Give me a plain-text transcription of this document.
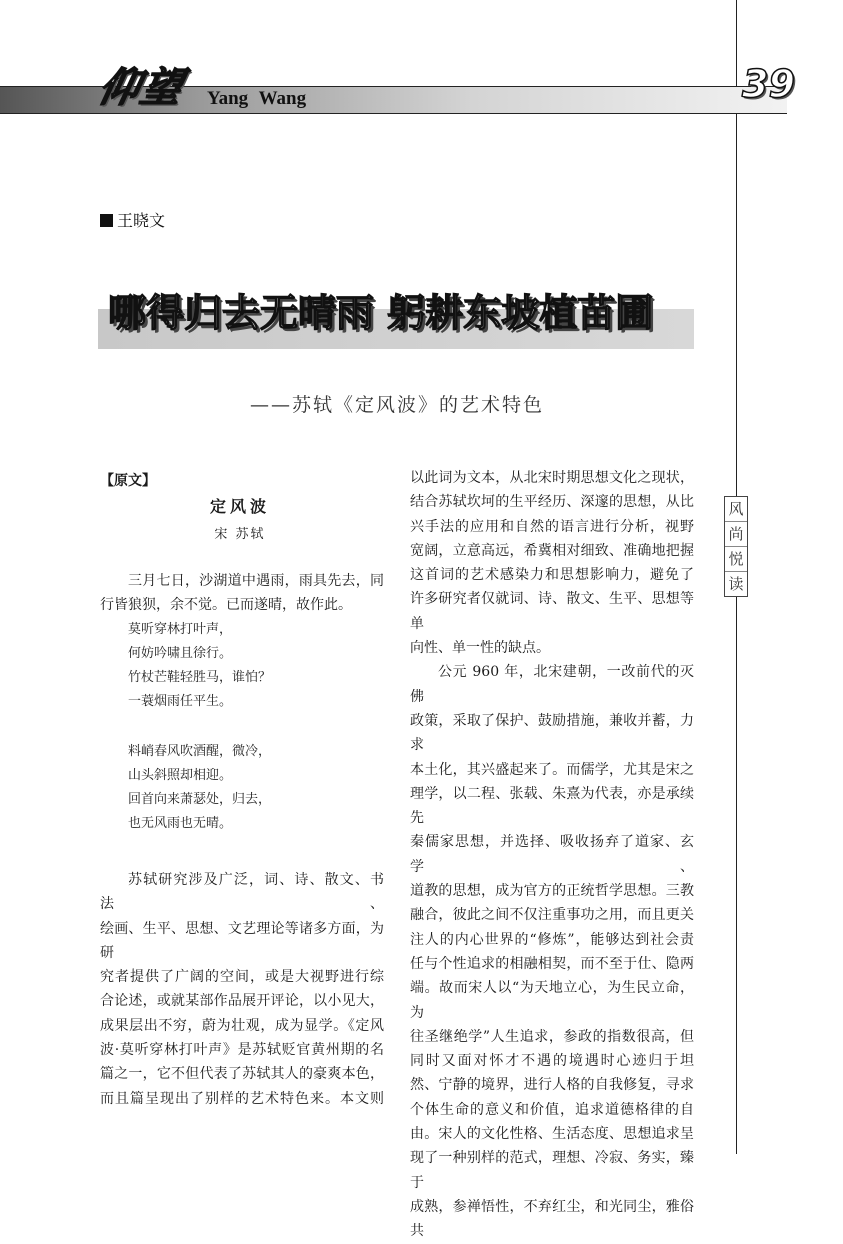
仰望 Yang Wang	39
王晓文
哪得归去无晴雨 躬耕东坡植苗圃
——苏轼《定风波》的艺术特色
风
尚
悦
读
【原文】
定风波
宋 苏轼

三月七日，沙湖道中遇雨，雨具先去，同行皆狼狈，余不觉。已而遂晴，故作此。

莫听穿林打叶声，
何妨吟啸且徐行。
竹杖芒鞋轻胜马，谁怕？
一蓑烟雨任平生。
料峭春风吹酒醒，微冷，
山头斜照却相迎。
回首向来萧瑟处，归去，
也无风雨也无晴。

苏轼研究涉及广泛，词、诗、散文、书法、

绘画、生平、思想、文艺理论等诸多方面，为研

究者提供了广阔的空间，或是大视野进行综

合论述，或就某部作品展开评论，以小见大，

成果层出不穷，蔚为壮观，成为显学。《定风

波·莫听穿林打叶声》是苏轼贬官黄州期的名

篇之一，它不但代表了苏轼其人的豪爽本色，

而且篇呈现出了别样的艺术特色来。本文则

以此词为文本，从北宋时期思想文化之现状，

结合苏轼坎坷的生平经历、深邃的思想，从比

兴手法的应用和自然的语言进行分析，视野

宽阔，立意高远，希冀相对细致、准确地把握

这首词的艺术感染力和思想影响力，避免了

许多研究者仅就词、诗、散文、生平、思想等单

向性、单一性的缺点。

公元 960 年，北宋建朝，一改前代的灭佛

政策，采取了保护、鼓励措施，兼收并蓄，力求

本土化，其兴盛起来了。而儒学，尤其是宋之

理学，以二程、张载、朱熹为代表，亦是承续先

秦儒家思想，并选择、吸收扬弃了道家、玄学、

道教的思想，成为官方的正统哲学思想。三教

融合，彼此之间不仅注重事功之用，而且更关

注人的内心世界的“修炼”，能够达到社会责

任与个性追求的相融相契，而不至于仕、隐两

端。故而宋人以“为天地立心，为生民立命，为

往圣继绝学”人生追求，参政的指数很高，但

同时又面对怀才不遇的境遇时心迹归于坦

然、宁静的境界，进行人格的自我修复，寻求

个体生命的意义和价值，追求道德格律的自

由。宋人的文化性格、生活态度、思想追求呈

现了一种别样的范式，理想、冷寂、务实，臻于

成熟，参禅悟性，不弃红尘，和光同尘，雅俗共
